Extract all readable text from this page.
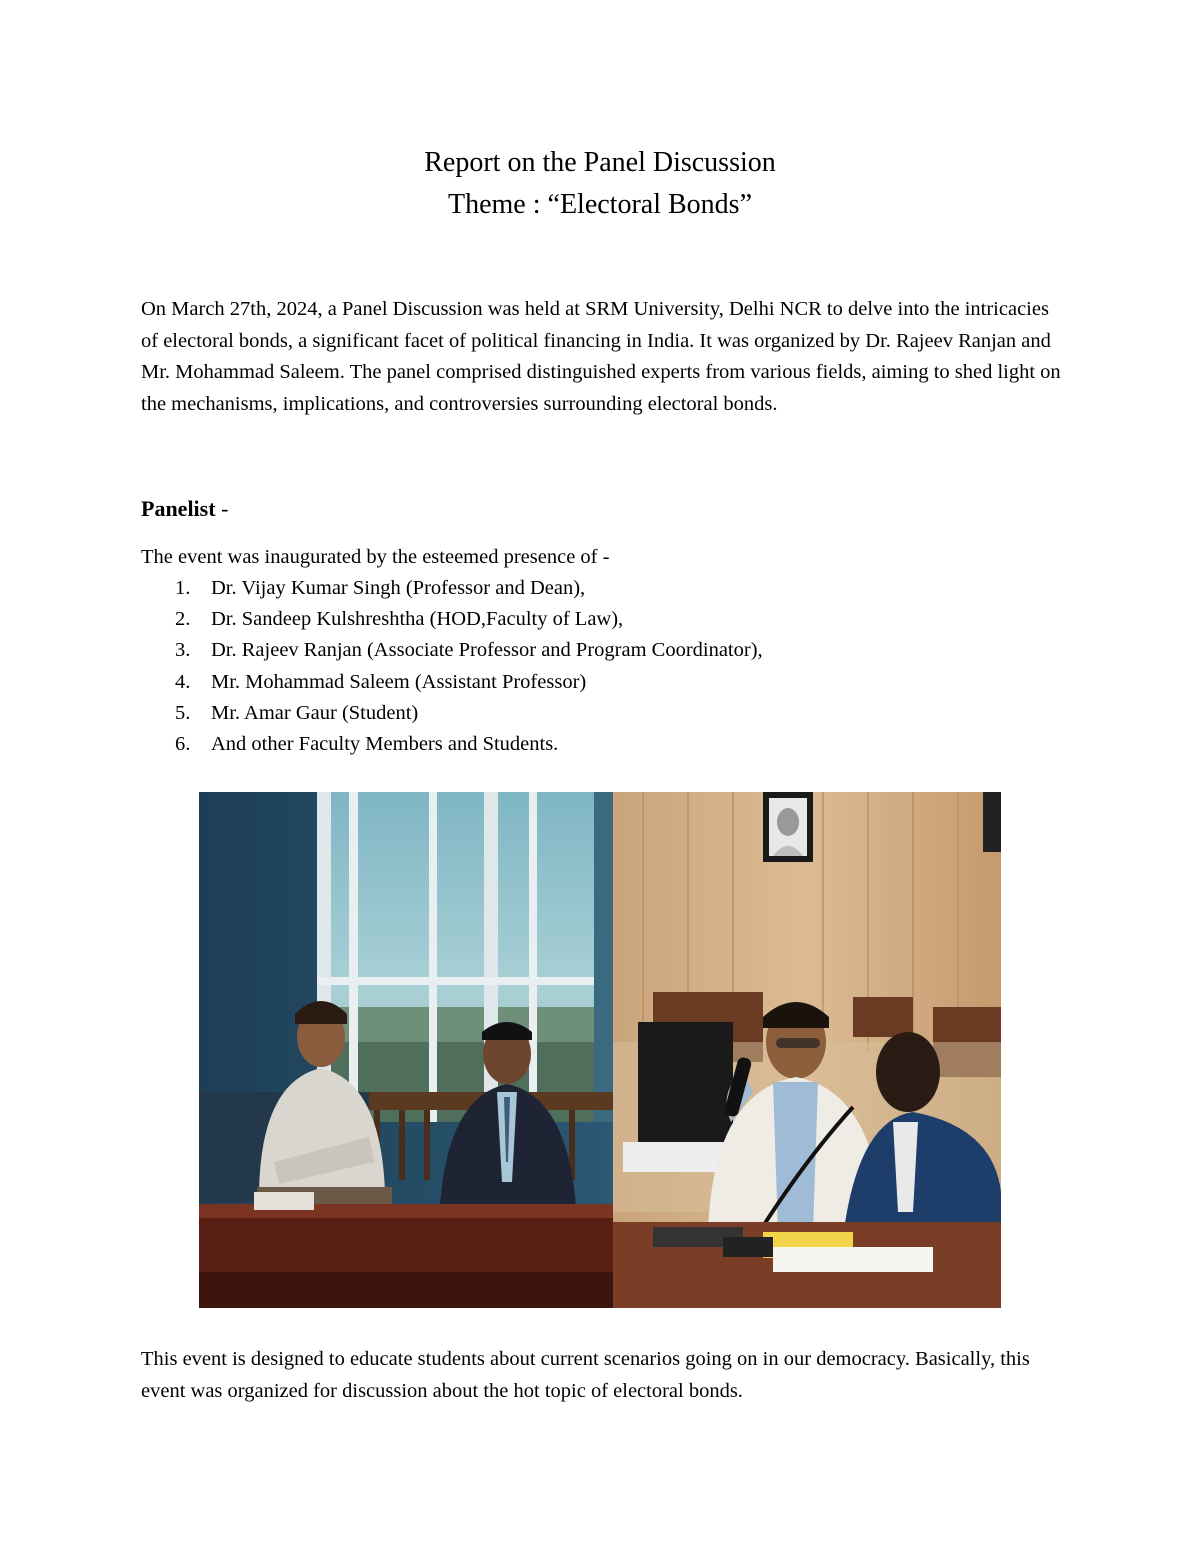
Report on the Panel Discussion
Theme : “Electoral Bonds”

On March 27th, 2024, a Panel Discussion was held at SRM University, Delhi NCR to delve into the intricacies of electoral bonds, a significant facet of political financing in India. It was organized by Dr. Rajeev Ranjan and Mr. Mohammad Saleem. The panel comprised distinguished experts from various fields, aiming to shed light on the mechanisms, implications, and controversies surrounding electoral bonds.

Panelist -

The event was inaugurated by the esteemed presence of -

1.	Dr. Vijay Kumar Singh (Professor and Dean),
2.	Dr. Sandeep Kulshreshtha (HOD,Faculty of Law),
3.	Dr. Rajeev Ranjan (Associate Professor and Program Coordinator),
4.	Mr. Mohammad Saleem (Assistant Professor)
5.	Mr. Amar Gaur (Student)
6.	And other Faculty Members and Students.

This event is designed to educate students about current scenarios going on in our democracy. Basically, this event was organized for discussion about the hot topic of electoral bonds.
